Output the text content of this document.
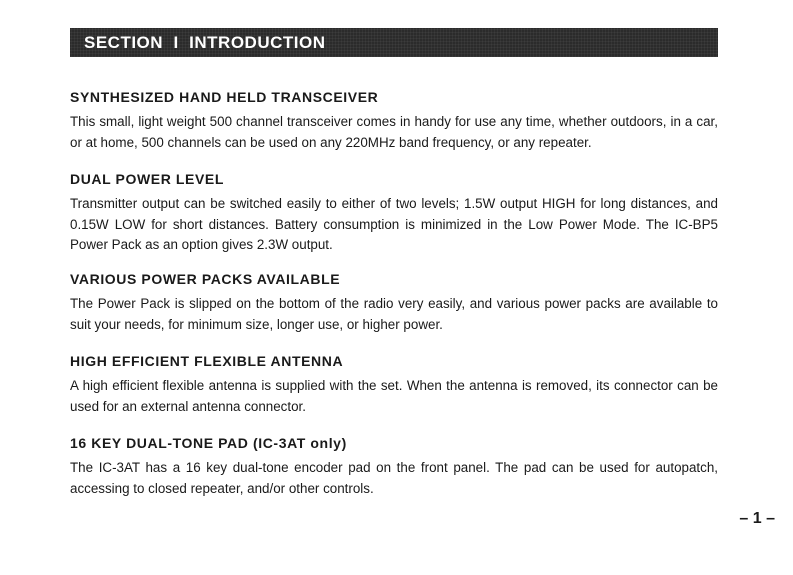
SECTION  I  INTRODUCTION
SYNTHESIZED HAND HELD TRANSCEIVER

This small, light weight 500 channel transceiver comes in handy for use any time, whether outdoors, in a car, or at home, 500 channels can be used on any 220MHz band frequency, or any repeater.

DUAL POWER LEVEL

Transmitter output can be switched easily to either of two levels; 1.5W output HIGH for long distances, and 0.15W LOW for short distances. Battery consumption is minimized in the Low Power Mode. The IC-BP5 Power Pack as an option gives 2.3W output.

VARIOUS POWER PACKS AVAILABLE

The Power Pack is slipped on the bottom of the radio very easily, and various power packs are available to suit your needs, for minimum size, longer use, or higher power.

HIGH EFFICIENT FLEXIBLE ANTENNA

A high efficient flexible antenna is supplied with the set. When the antenna is removed, its connector can be used for an external antenna connector.

16 KEY DUAL-TONE PAD (IC-3AT only)

The IC-3AT has a 16 key dual-tone encoder pad on the front panel. The pad can be used for autopatch, accessing to closed repeater, and/or other controls.

– 1 –
